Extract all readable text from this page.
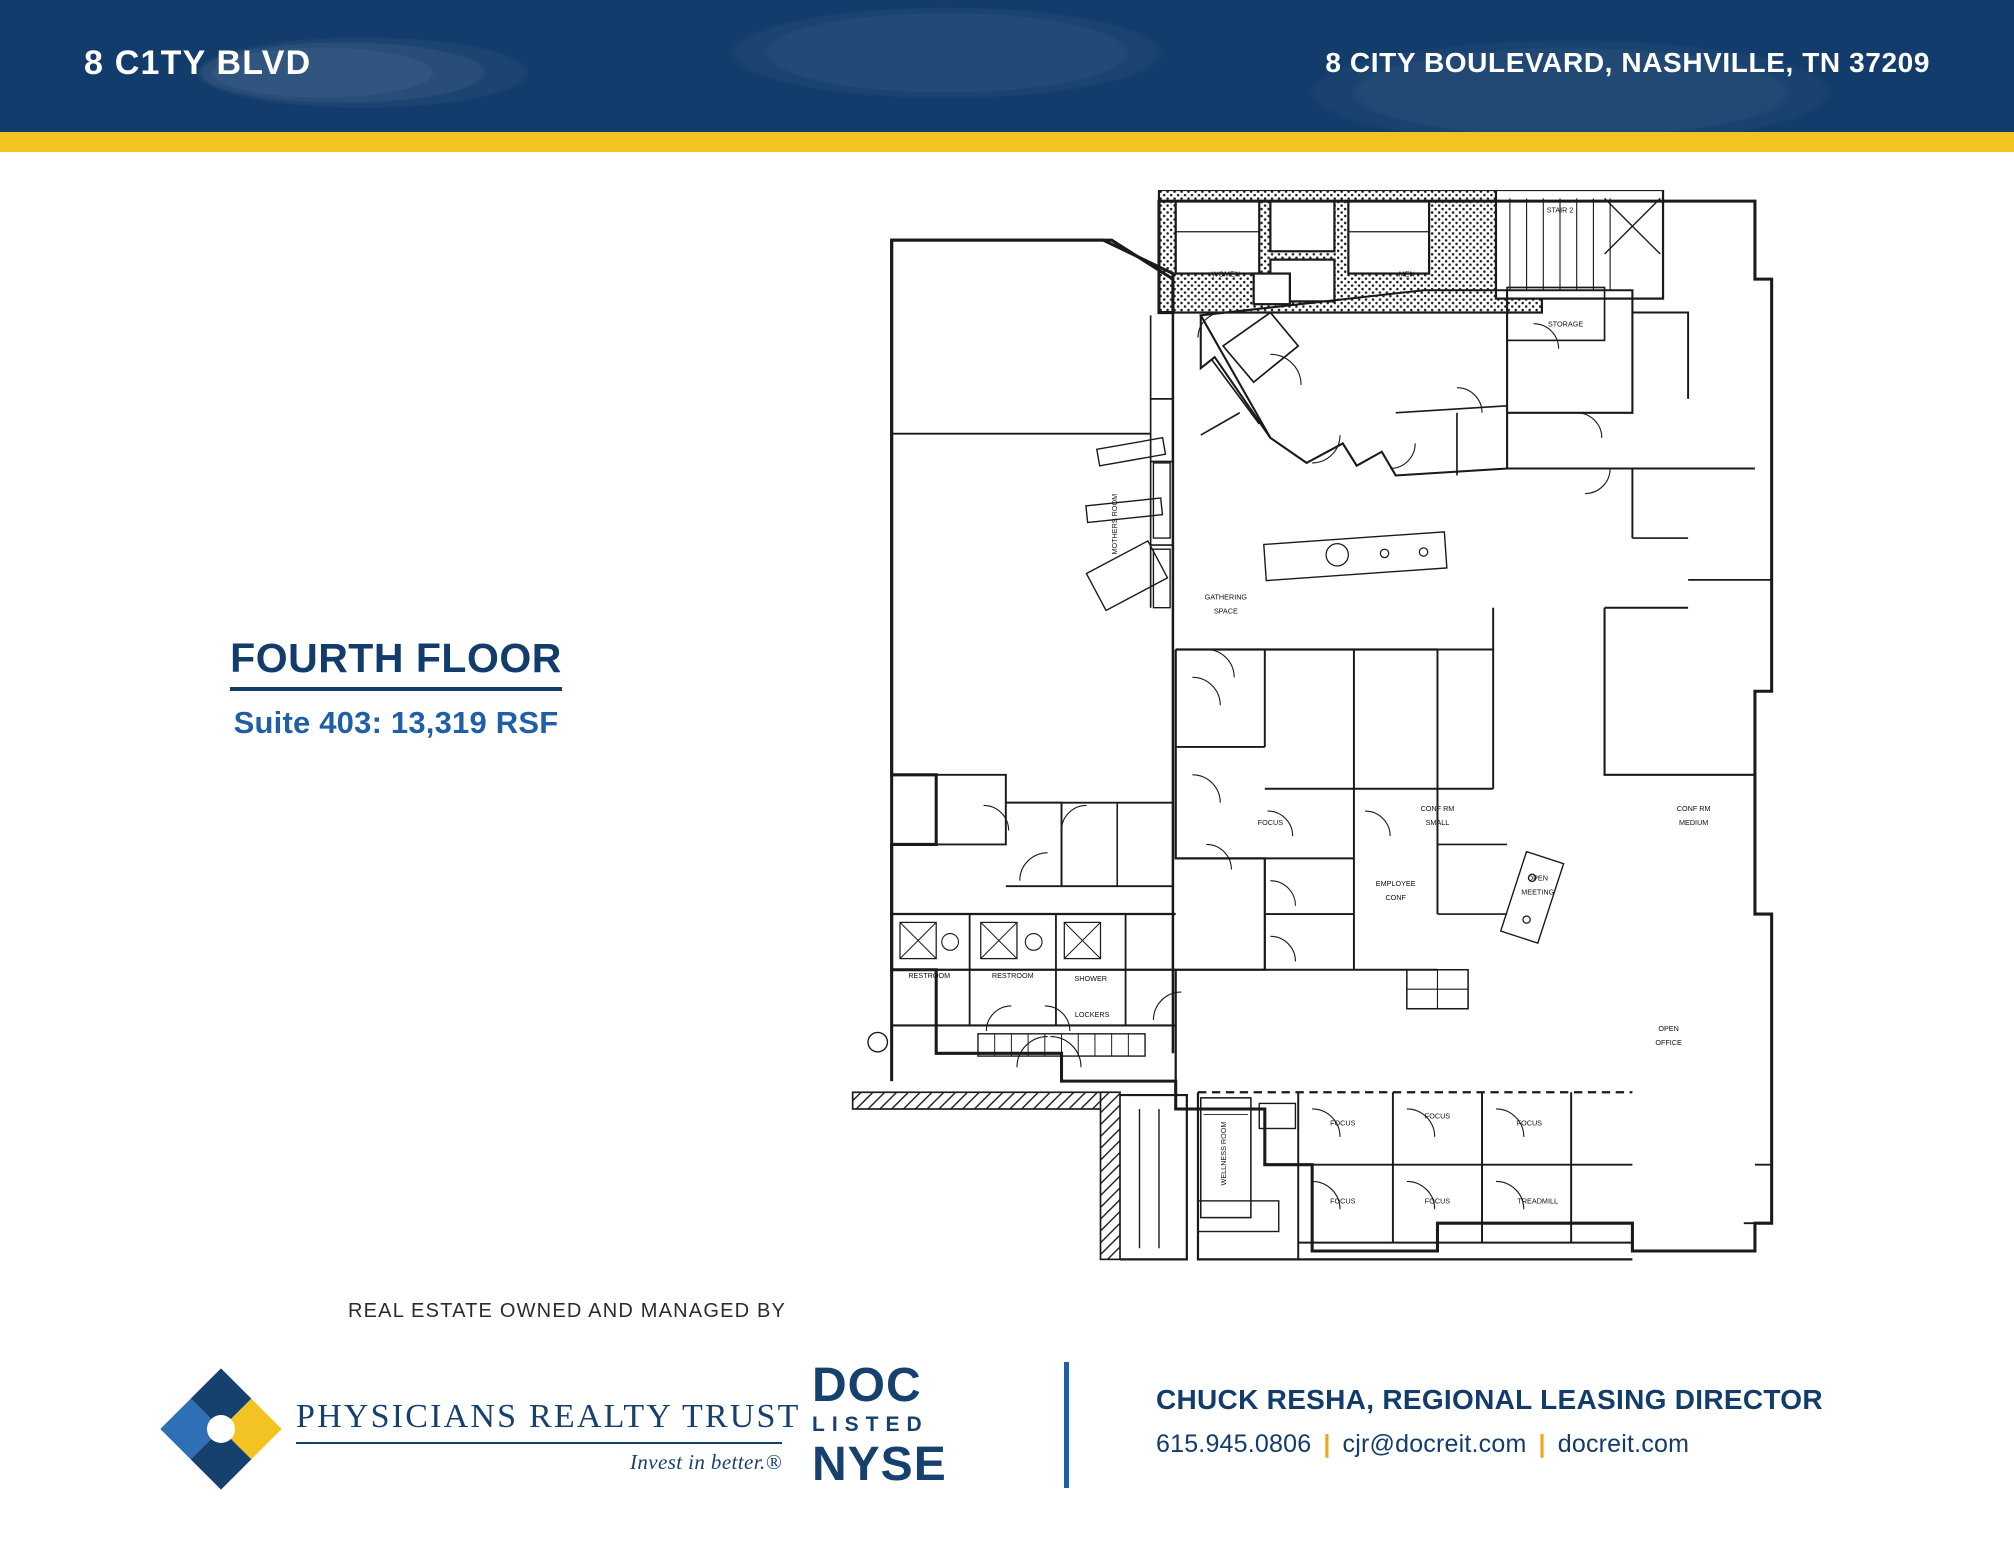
8 C1TY BLVD	8 CITY BOULEVARD, NASHVILLE, TN 37209
FOURTH FLOOR
Suite 403: 13,319 RSF
WOMEN	MEN
STAIR 2
STORAGE
GATHERING
SPACE
FOCUS
CONF RM
SMALL
CONF RM
MEDIUM
EMPLOYEE
CONF
OPEN
MEETING
OPEN
OFFICE
RESTROOM	RESTROOM	SHOWER
LOCKERS
FOCUS
FOCUS
FOCUS
FOCUS	FOCUS	TREADMILL
WELLNESS ROOM
MOTHERS ROOM
REAL ESTATE OWNED AND MANAGED BY
PHYSICIANS REALTY TRUST
Invest in better.®
DOC
LISTED
NYSE
CHUCK RESHA, REGIONAL LEASING DIRECTOR
615.945.0806 | cjr@docreit.com | docreit.com
